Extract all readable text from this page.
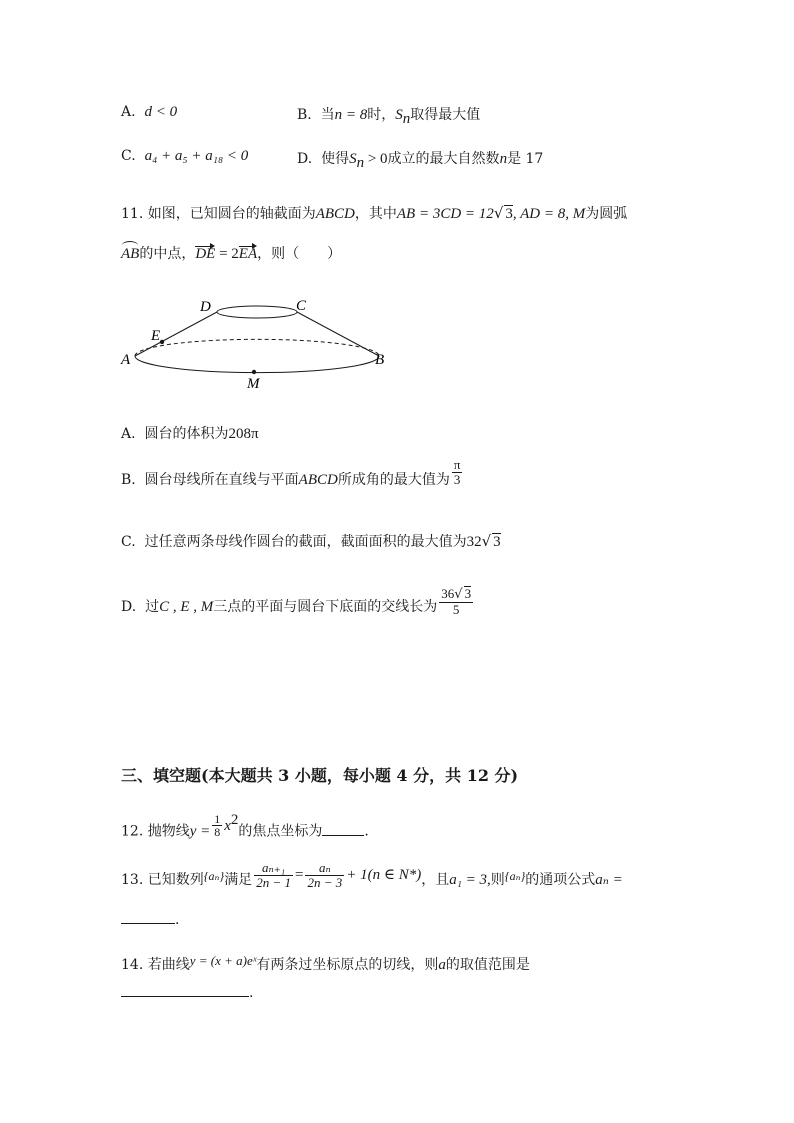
A. d < 0	B. 当n = 8时，$S_n$取得最大值
C. a₄ + a₅ + a₁₈ < 0	D. 使得$S_n > 0$成立的最大自然数n是 17
11. 如图，已知圆台的轴截面为ABCD，其中AB = 3CD = 12√ 3, AD = 8, M为圆弧
AB的中点，DE = 2EA，则（　　）
D	C
E
A	B
M
A. 圆台的体积为208π
B. 圆台母线所在直线与平面ABCD所成角的最大值为 $\frac{\pi}{3}$
C. 过任意两条母线作圆台的截面，截面面积的最大值为32√ 3
D. 过C , E , M三点的平面与圆台下底面的交线长为 $\frac{36√ 3}{5}$
三、填空题(本大题共 3 小题，每小题 4 分，共 12 分)
12. 抛物线$y = \frac{1}{8} x^2$的焦点坐标为	.
13. 已知数列{aₙ}满足 $\frac{\text{aₙ₊₁}}{2n - 1} = \frac{\text{aₙ}}{2n - 3} + 1(n$ ∈ N*)，且a₁ = 3,则{aₙ}的通项公式aₙ =
.
14. 若曲线y = (x + a)eˣ有两条过坐标原点的切线，则a的取值范围是
.
